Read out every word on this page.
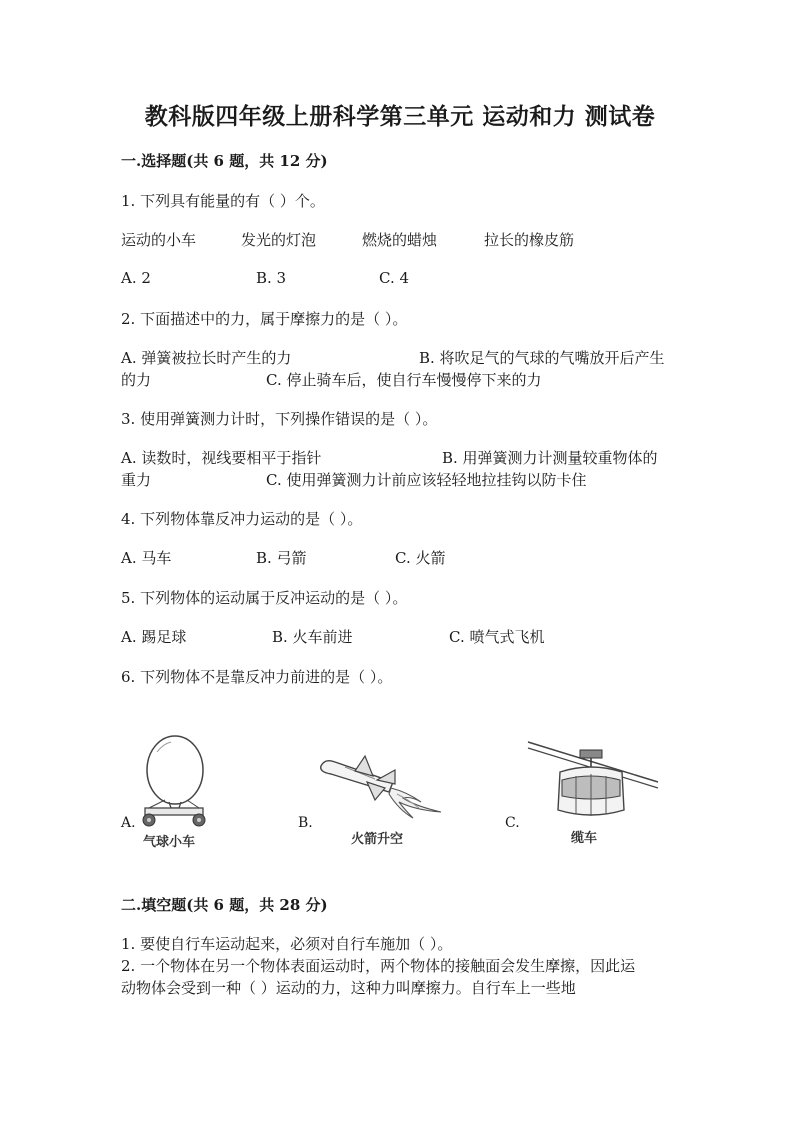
教科版四年级上册科学第三单元 运动和力 测试卷
一.选择题(共 6 题，共 12 分)
1. 下列具有能量的有（ ）个。
运动的小车	发光的灯泡	燃烧的蜡烛	拉长的橡皮筋
A. 2	B. 3	C. 4
2. 下面描述中的力，属于摩擦力的是（ ）。
A. 弹簧被拉长时产生的力	B. 将吹足气的气球的气嘴放开后产生
的力	C. 停止骑车后，使自行车慢慢停下来的力
3. 使用弹簧测力计时，下列操作错误的是（ ）。
A. 读数时，视线要相平于指针	B. 用弹簧测力计测量较重物体的
重力	C. 使用弹簧测力计前应该轻轻地拉挂钩以防卡住
4. 下列物体靠反冲力运动的是（ ）。
A. 马车	B. 弓箭	C. 火箭
5. 下列物体的运动属于反冲运动的是（ ）。
A. 踢足球	B. 火车前进	C. 喷气式飞机
6. 下列物体不是靠反冲力前进的是（ ）。
A.
气球小车
B.
火箭升空
C.
缆车
二.填空题(共 6 题，共 28 分)
1. 要使自行车运动起来，必须对自行车施加（ ）。
2. 一个物体在另一个物体表面运动时，两个物体的接触面会发生摩擦，因此运
动物体会受到一种（ ）运动的力，这种力叫摩擦力。自行车上一些地
